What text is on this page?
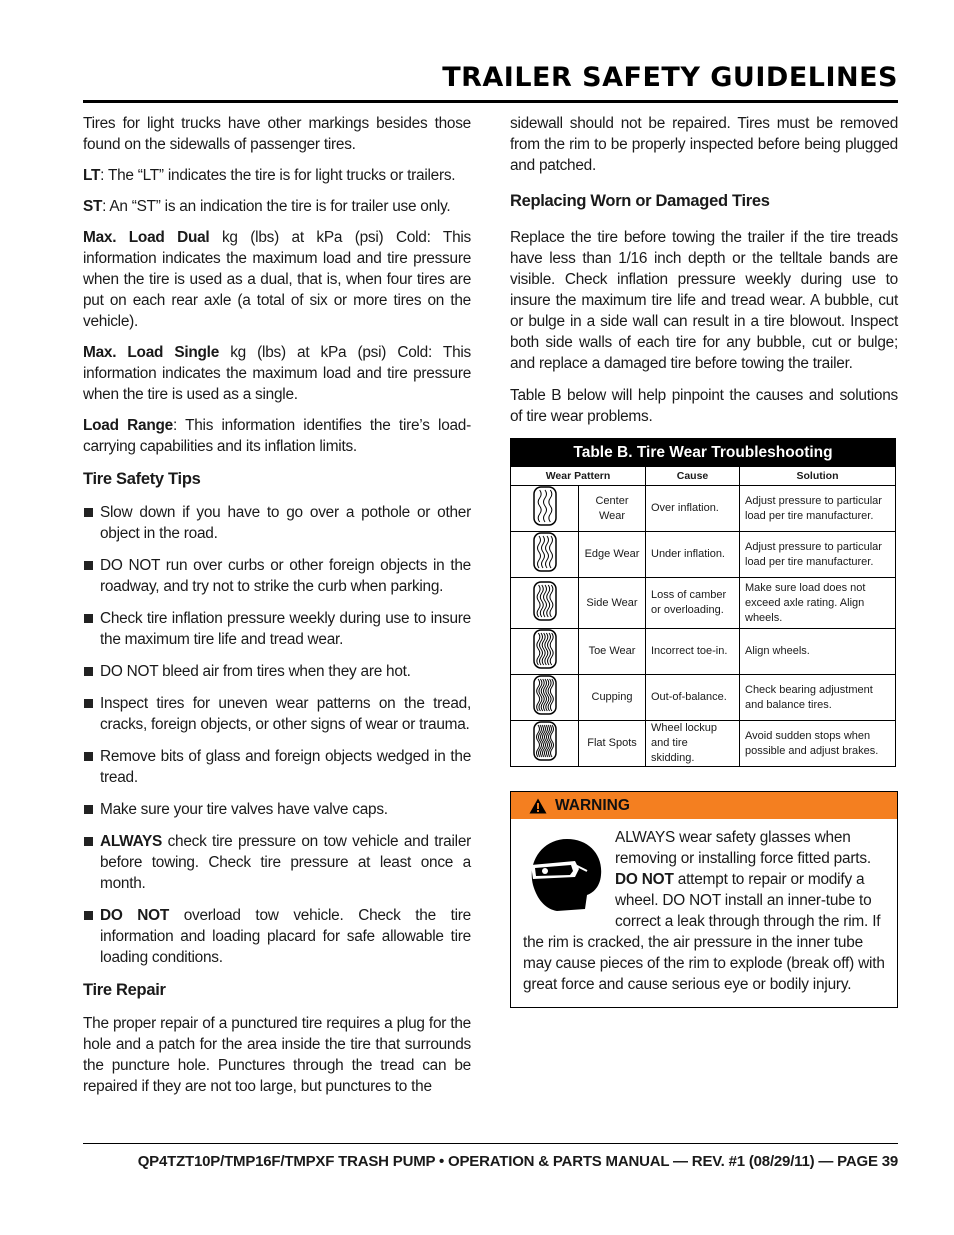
TRAILER SAFETY GUIDELINES

Tires for light trucks have other markings besides those found on the sidewalls of passenger tires.

LT: The “LT” indicates the tire is for light trucks or trailers.

ST: An “ST” is an indication the tire is for trailer use only.

Max. Load Dual kg (lbs) at kPa (psi) Cold: This information indicates the maximum load and tire pressure when the tire is used as a dual, that is, when four tires are put on each rear axle (a total of six or more tires on the vehicle).

Max. Load Single kg (lbs) at kPa (psi) Cold: This information indicates the maximum load and tire pressure when the tire is used as a single.

Load Range: This information identifies the tire’s load-carrying capabilities and its inflation limits.

Tire Safety Tips
Slow down if you have to go over a pothole or other object in the road.
DO NOT run over curbs or other foreign objects in the roadway, and try not to strike the curb when parking.
Check tire inflation pressure weekly during use to insure the maximum tire life and tread wear.
DO NOT bleed air from tires when they are hot.
Inspect tires for uneven wear patterns on the tread, cracks, foreign objects, or other signs of wear or trauma.
Remove bits of glass and foreign objects wedged in the tread.
Make sure your tire valves have valve caps.
ALWAYS check tire pressure on tow vehicle and trailer before towing. Check tire pressure at least once a month.
DO NOT overload tow vehicle. Check the tire information and loading placard for safe allowable tire loading conditions.
Tire Repair

The proper repair of a punctured tire requires a plug for the hole and a patch for the area inside the tire that surrounds the puncture hole. Punctures through the tread can be repaired if they are not too large, but punctures to the

sidewall should not be repaired. Tires must be removed from the rim to be properly inspected before being plugged and patched.

Replacing Worn or Damaged Tires

Replace the tire before towing the trailer if the tire treads have less than 1/16 inch depth or the telltale bands are visible. Check inflation pressure weekly during use to insure the maximum tire life and tread wear. A bubble, cut or bulge in a side wall can result in a tire blowout. Inspect both side walls of each tire for any bubble, cut or bulge; and replace a damaged tire before towing the trailer.

Table B below will help pinpoint the causes and solutions of tire wear problems.

Table B. Tire Wear Troubleshooting			
Wear Pattern		Cause	Solution
	Center Wear	Over inflation.	Adjust pressure to particular load per tire manufacturer.
	Edge Wear	Under inflation.	Adjust pressure to particular load per tire manufacturer.
	Side Wear	Loss of camber or overloading.	Make sure load does not exceed axle rating. Align wheels.
	Toe Wear	Incorrect toe-in.	Align wheels.
	Cupping	Out-of-balance.	Check bearing adjustment and balance tires.
	Flat Spots	Wheel lockup and tire skidding.	Avoid sudden stops when possible and adjust brakes.
WARNING
ALWAYS wear safety glasses when removing or installing force fitted parts. DO NOT attempt to repair or modify a wheel. DO NOT install an inner-tube to correct a leak through through the rim. If the rim is cracked, the air pressure in the inner tube may cause pieces of the rim to explode (break off) with great force and cause serious eye or bodily injury.
QP4TZT10P/TMP16F/TMPXF TRASH PUMP • OPERATION & PARTS MANUAL — REV. #1 (08/29/11) — PAGE 39
